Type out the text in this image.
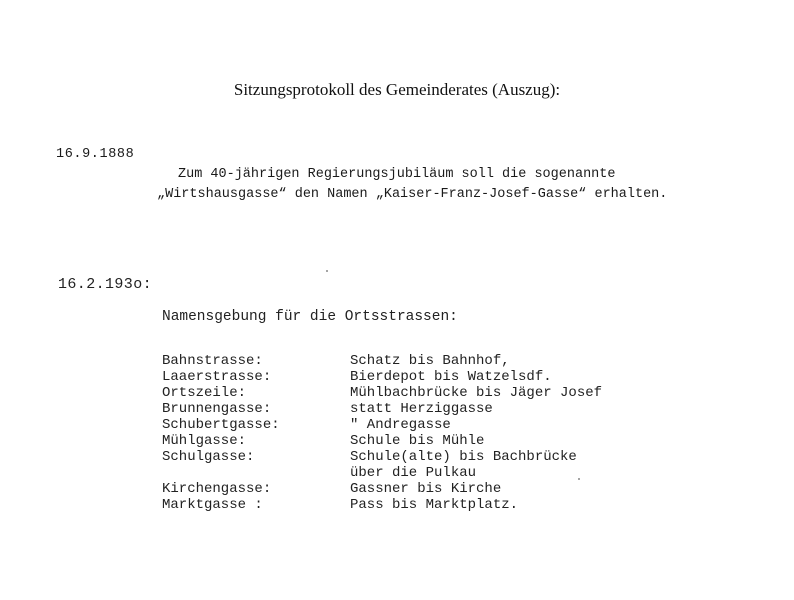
Sitzungsprotokoll des Gemeinderates (Auszug):
16.9.1888
Zum 40-jährigen Regierungsjubiläum soll die sogenannte
„Wirtshausgasse“ den Namen „Kaiser-Franz-Josef-Gasse“ erhalten.
16.2.193o:
Namensgebung für die Ortsstrassen:
Bahnstrasse:	Schatz bis Bahnhof,
Laaerstrasse:	Bierdepot bis Watzelsdf.
Ortszeile:	Mühlbachbrücke bis Jäger Josef
Brunnengasse:	statt Herziggasse
Schubertgasse:	" Andregasse
Mühlgasse:	Schule bis Mühle
Schulgasse:	Schule(alte) bis Bachbrücke
über die Pulkau
Kirchengasse:	Gassner bis Kirche
Marktgasse :	Pass bis Marktplatz.
